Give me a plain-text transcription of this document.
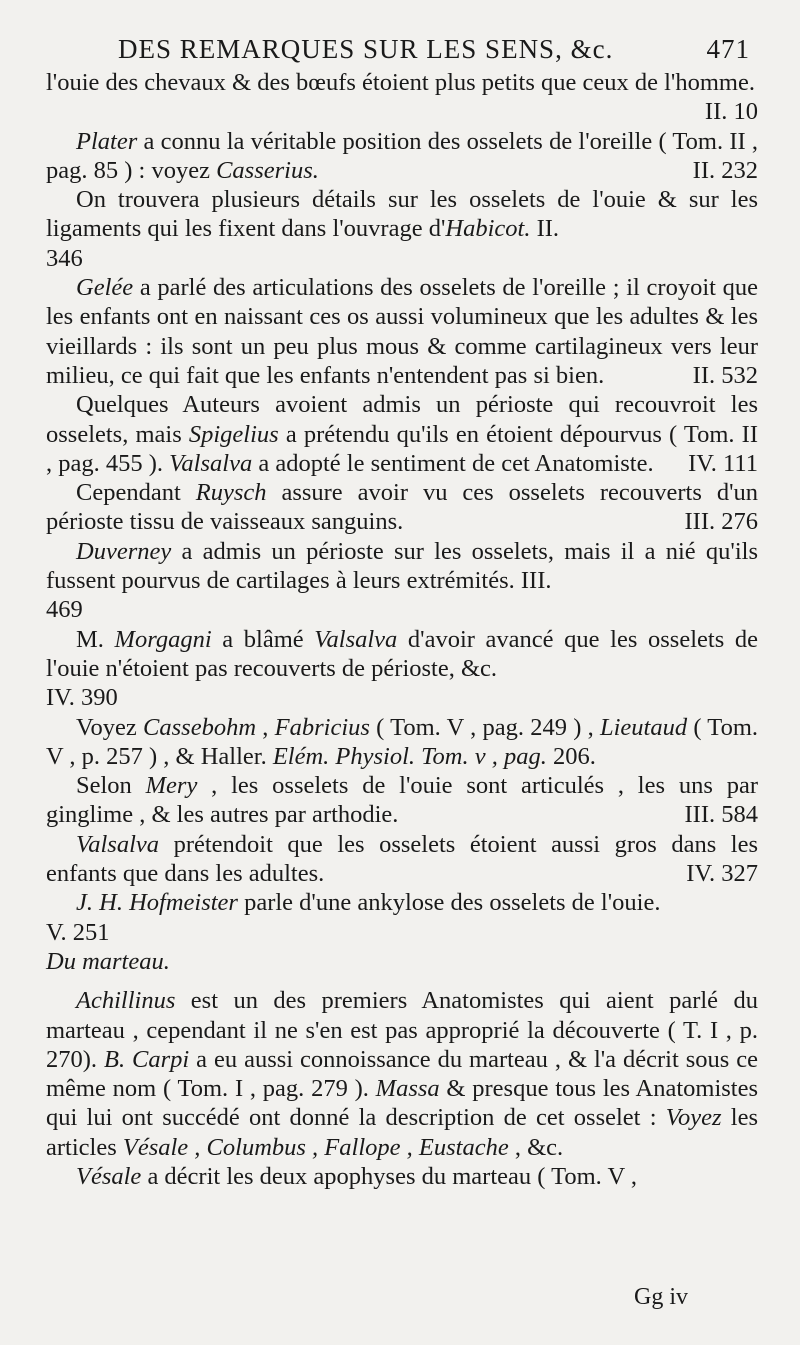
DES REMARQUES SUR LES SENS, &c.	471

l'ouie des chevaux & des bœufs étoient plus petits que ceux de l'homme.
II. 10

Plater a connu la véritable position des osselets de l'oreille ( Tom. II , pag. 85 ) : voyez Casserius.	II. 232

On trouvera plusieurs détails sur les osselets de l'ouie & sur les ligaments qui les fixent dans l'ouvrage d'Habicot. II.

346

Gelée a parlé des articulations des osselets de l'oreille ; il croyoit que les enfants ont en naissant ces os aussi volumineux que les adultes & les vieillards : ils sont un peu plus mous & comme cartilagineux vers leur milieu, ce qui fait que les enfants n'entendent pas si bien.	II. 532

Quelques Auteurs avoient admis un périoste qui recouvroit les osselets, mais Spigelius a prétendu qu'ils en étoient dépourvus ( Tom. II , pag. 455 ). Valsalva a adopté le sentiment de cet Anatomiste. IV. 111

Cependant Ruysch assure avoir vu ces osselets recouverts d'un périoste tissu de vaisseaux sanguins.	III. 276

Duverney a admis un périoste sur les osselets, mais il a nié qu'ils fussent pourvus de cartilages à leurs extrémités. III.

469

M. Morgagni a blâmé Valsalva d'avoir avancé que les osselets de l'ouie n'étoient pas recouverts de périoste, &c.

IV. 390

Voyez Cassebohm , Fabricius ( Tom. V , pag. 249 ) , Lieutaud ( Tom. V , p. 257 ) , & Haller. Elém. Physiol. Tom. v , pag. 206.

Selon Mery , les osselets de l'ouie sont articulés , les uns par ginglime , & les autres par arthodie.	III. 584

Valsalva prétendoit que les osselets étoient aussi gros dans les enfants que dans les adultes.	IV. 327

J. H. Hofmeister parle d'une ankylose des osselets de l'ouie.

V. 251

Du marteau.

Achillinus est un des premiers Anatomistes qui aient parlé du marteau , cependant il ne s'en est pas approprié la découverte ( T. I , p. 270). B. Carpi a eu aussi connoissance du marteau , & l'a décrit sous ce même nom ( Tom. I , pag. 279 ). Massa & presque tous les Anatomistes qui lui ont succédé ont donné la description de cet osselet : Voyez les articles Vésale , Columbus , Fallope , Eustache , &c.

Vésale a décrit les deux apophyses du marteau ( Tom. V ,

Gg iv
